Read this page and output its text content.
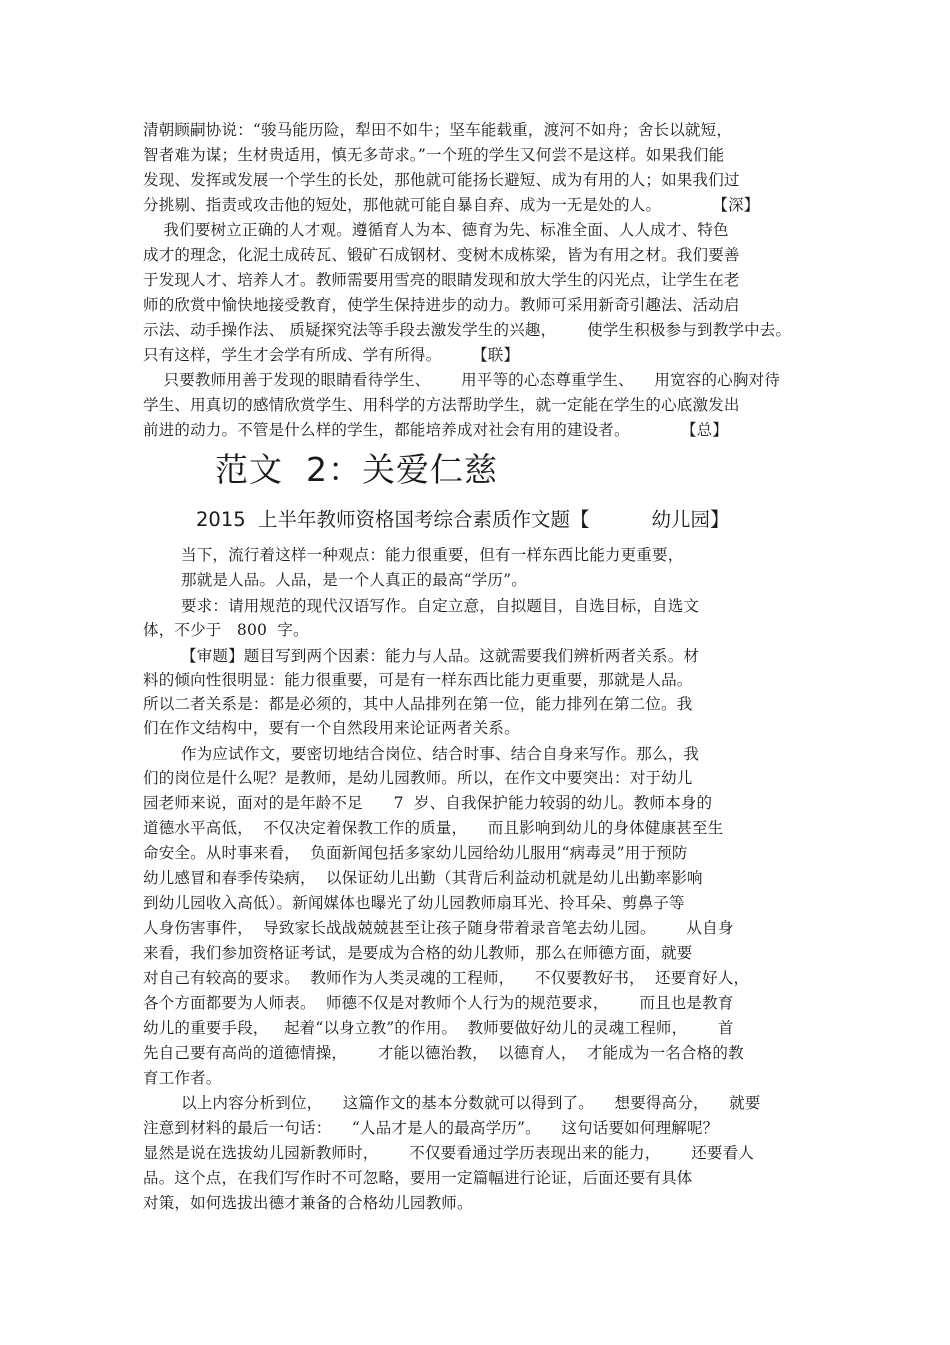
清朝顾嗣协说：“骏马能历险，犁田不如牛；坚车能载重，渡河不如舟；舍长以就短，
智者难为谋；生材贵适用，慎无多苛求。”一个班的学生又何尝不是这样。如果我们能
发现、发挥或发展一个学生的长处，那他就可能扬长避短、成为有用的人；如果我们过
分挑剔、指责或攻击他的短处，那他就可能自暴自弃、成为一无是处的人。          【深】
我们要树立正确的人才观。遵循育人为本、德育为先、标准全面、人人成才、特色
成才的理念，化泥土成砖瓦、锻矿石成钢材、变树木成栋梁，皆为有用之材。我们要善
于发现人才、培养人才。教师需要用雪亮的眼睛发现和放大学生的闪光点，让学生在老
师的欣赏中愉快地接受教育，使学生保持进步的动力。教师可采用新奇引趣法、活动启
示法、动手操作法、 质疑探究法等手段去激发学生的兴趣，      使学生积极参与到教学中去。
只有这样，学生才会学有所成、学有所得。      【联】
只要教师用善于发现的眼睛看待学生、      用平等的心态尊重学生、    用宽容的心胸对待
学生、用真切的感情欣赏学生、用科学的方法帮助学生，就一定能在学生的心底激发出
前进的动力。不管是什么样的学生，都能培养成对社会有用的建设者。          【总】
范文  2：关爱仁慈
2015  上半年教师资格国考综合素质作文题【          幼儿园】
当下，流行着这样一种观点：能力很重要，但有一样东西比能力更重要，
那就是人品。人品，是一个人真正的最高“学历”。
要求：请用规范的现代汉语写作。自定立意，自拟题目，自选目标，自选文
体，不少于   800  字。
【审题】题目写到两个因素：能力与人品。这就需要我们辨析两者关系。材
料的倾向性很明显：能力很重要，可是有一样东西比能力更重要，那就是人品。
所以二者关系是：都是必须的，其中人品排列在第一位，能力排列在第二位。我
们在作文结构中，要有一个自然段用来论证两者关系。
作为应试作文，要密切地结合岗位、结合时事、结合自身来写作。那么，我
们的岗位是什么呢？是教师，是幼儿园教师。所以，在作文中要突出：对于幼儿
园老师来说，面对的是年龄不足      7  岁、自我保护能力较弱的幼儿。教师本身的
道德水平高低，  不仅决定着保教工作的质量，    而且影响到幼儿的身体健康甚至生
命安全。从时事来看，  负面新闻包括多家幼儿园给幼儿服用“病毒灵”用于预防
幼儿感冒和春季传染病，  以保证幼儿出勤（其背后利益动机就是幼儿出勤率影响
到幼儿园收入高低）。新闻媒体也曝光了幼儿园教师扇耳光、拎耳朵、剪鼻子等
人身伤害事件，  导致家长战战兢兢甚至让孩子随身带着录音笔去幼儿园。      从自身
来看，我们参加资格证考试，是要成为合格的幼儿教师，那么在师德方面，就要
对自己有较高的要求。  教师作为人类灵魂的工程师，    不仅要教好书，  还要育好人，
各个方面都要为人师表。  师德不仅是对教师个人行为的规范要求，      而且也是教育
幼儿的重要手段，   起着“以身立教”的作用。  教师要做好幼儿的灵魂工程师，      首
先自己要有高尚的道德情操，      才能以德治教，  以德育人，  才能成为一名合格的教
育工作者。
以上内容分析到位，    这篇作文的基本分数就可以得到了。    想要得高分，    就要
注意到材料的最后一句话：    “人品才是人的最高学历”。    这句话要如何理解呢？
显然是说在选拔幼儿园新教师时，      不仅要看通过学历表现出来的能力，      还要看人
品。这个点，在我们写作时不可忽略，要用一定篇幅进行论证，后面还要有具体
对策，如何选拔出德才兼备的合格幼儿园教师。
